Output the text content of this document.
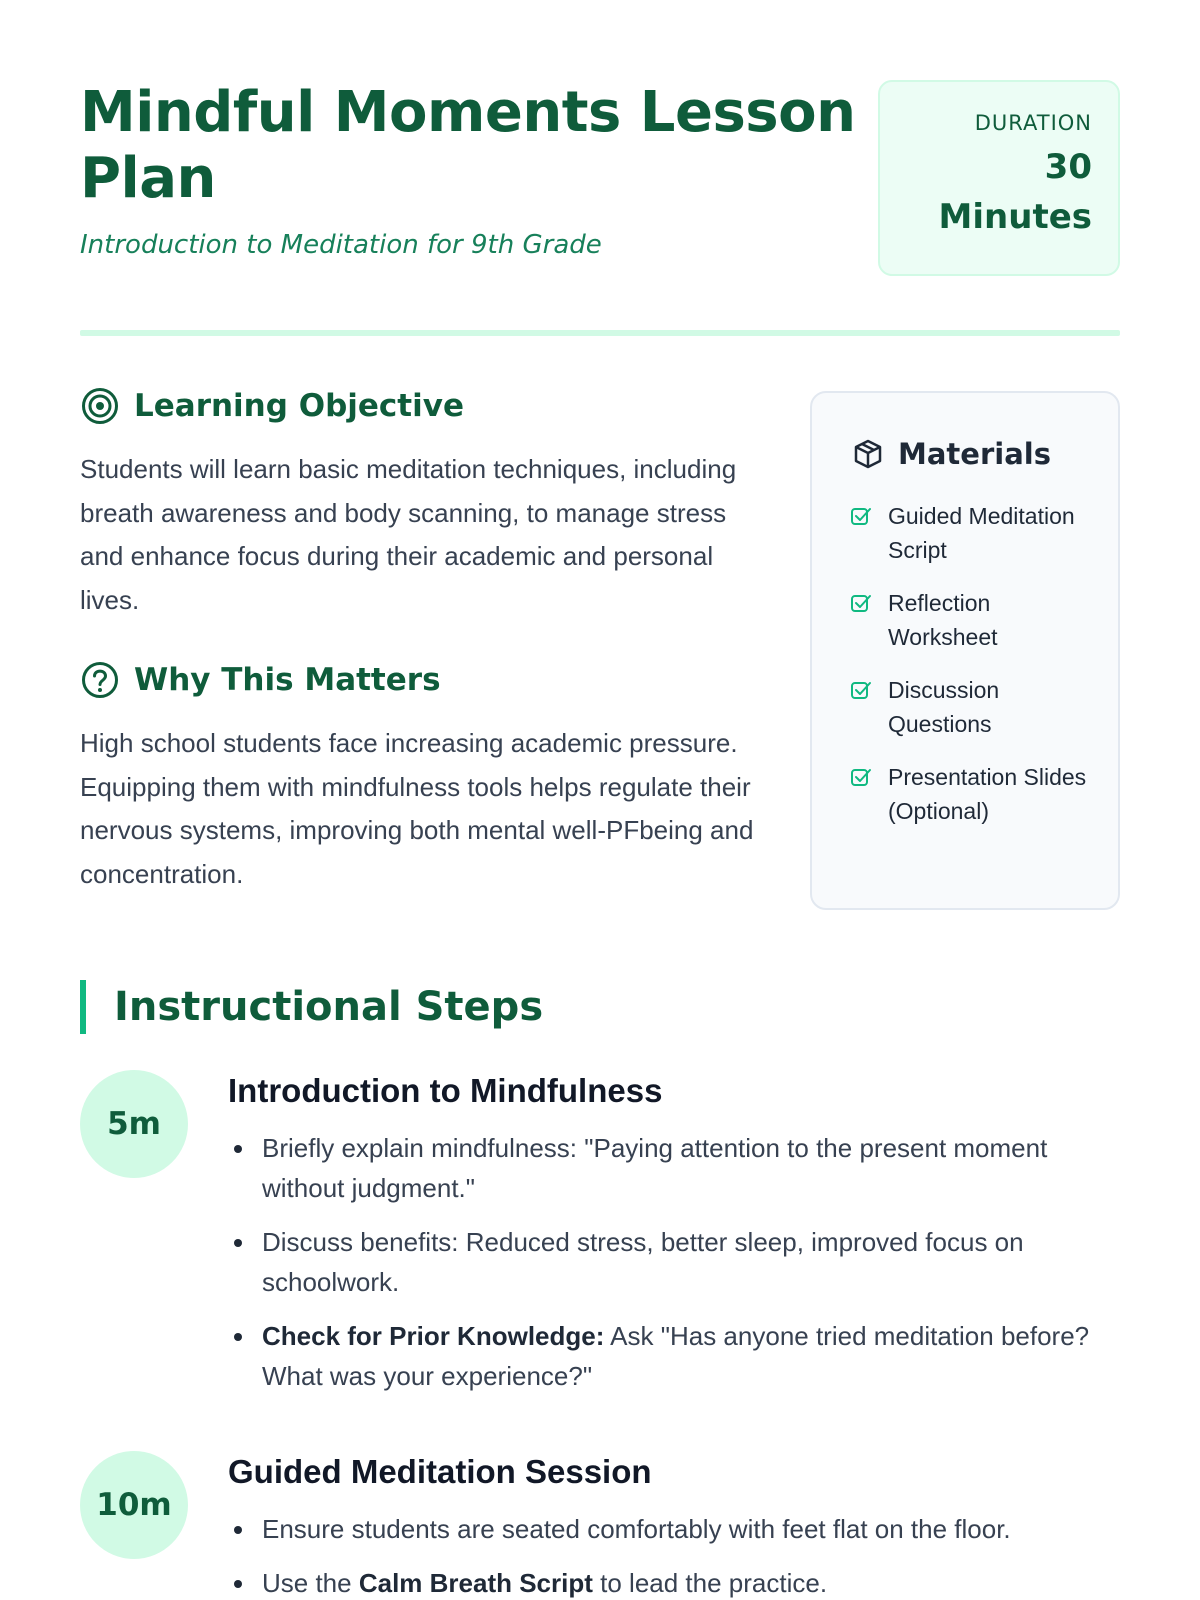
Mindful Moments Lesson Plan
Introduction to Meditation for 9th Grade
DURATION
30
Minutes
Learning Objective

Students will learn basic meditation techniques, including breath awareness and body scanning, to manage stress and enhance focus during their academic and personal lives.

Why This Matters

High school students face increasing academic pressure. Equipping them with mindfulness tools helps regulate their nervous systems, improving both mental well-PFbeing and concentration.

Materials
Guided Meditation Script
Reflection Worksheet
Discussion Questions
Presentation Slides (Optional)
Instructional Steps
5m
Introduction to Mindfulness
Briefly explain mindfulness: "Paying attention to the present moment without judgment."
Discuss benefits: Reduced stress, better sleep, improved focus on schoolwork.
Check for Prior Knowledge: Ask "Has anyone tried meditation before? What was your experience?"
10m
Guided Meditation Session
Ensure students are seated comfortably with feet flat on the floor.
Use the Calm Breath Script to lead the practice.
